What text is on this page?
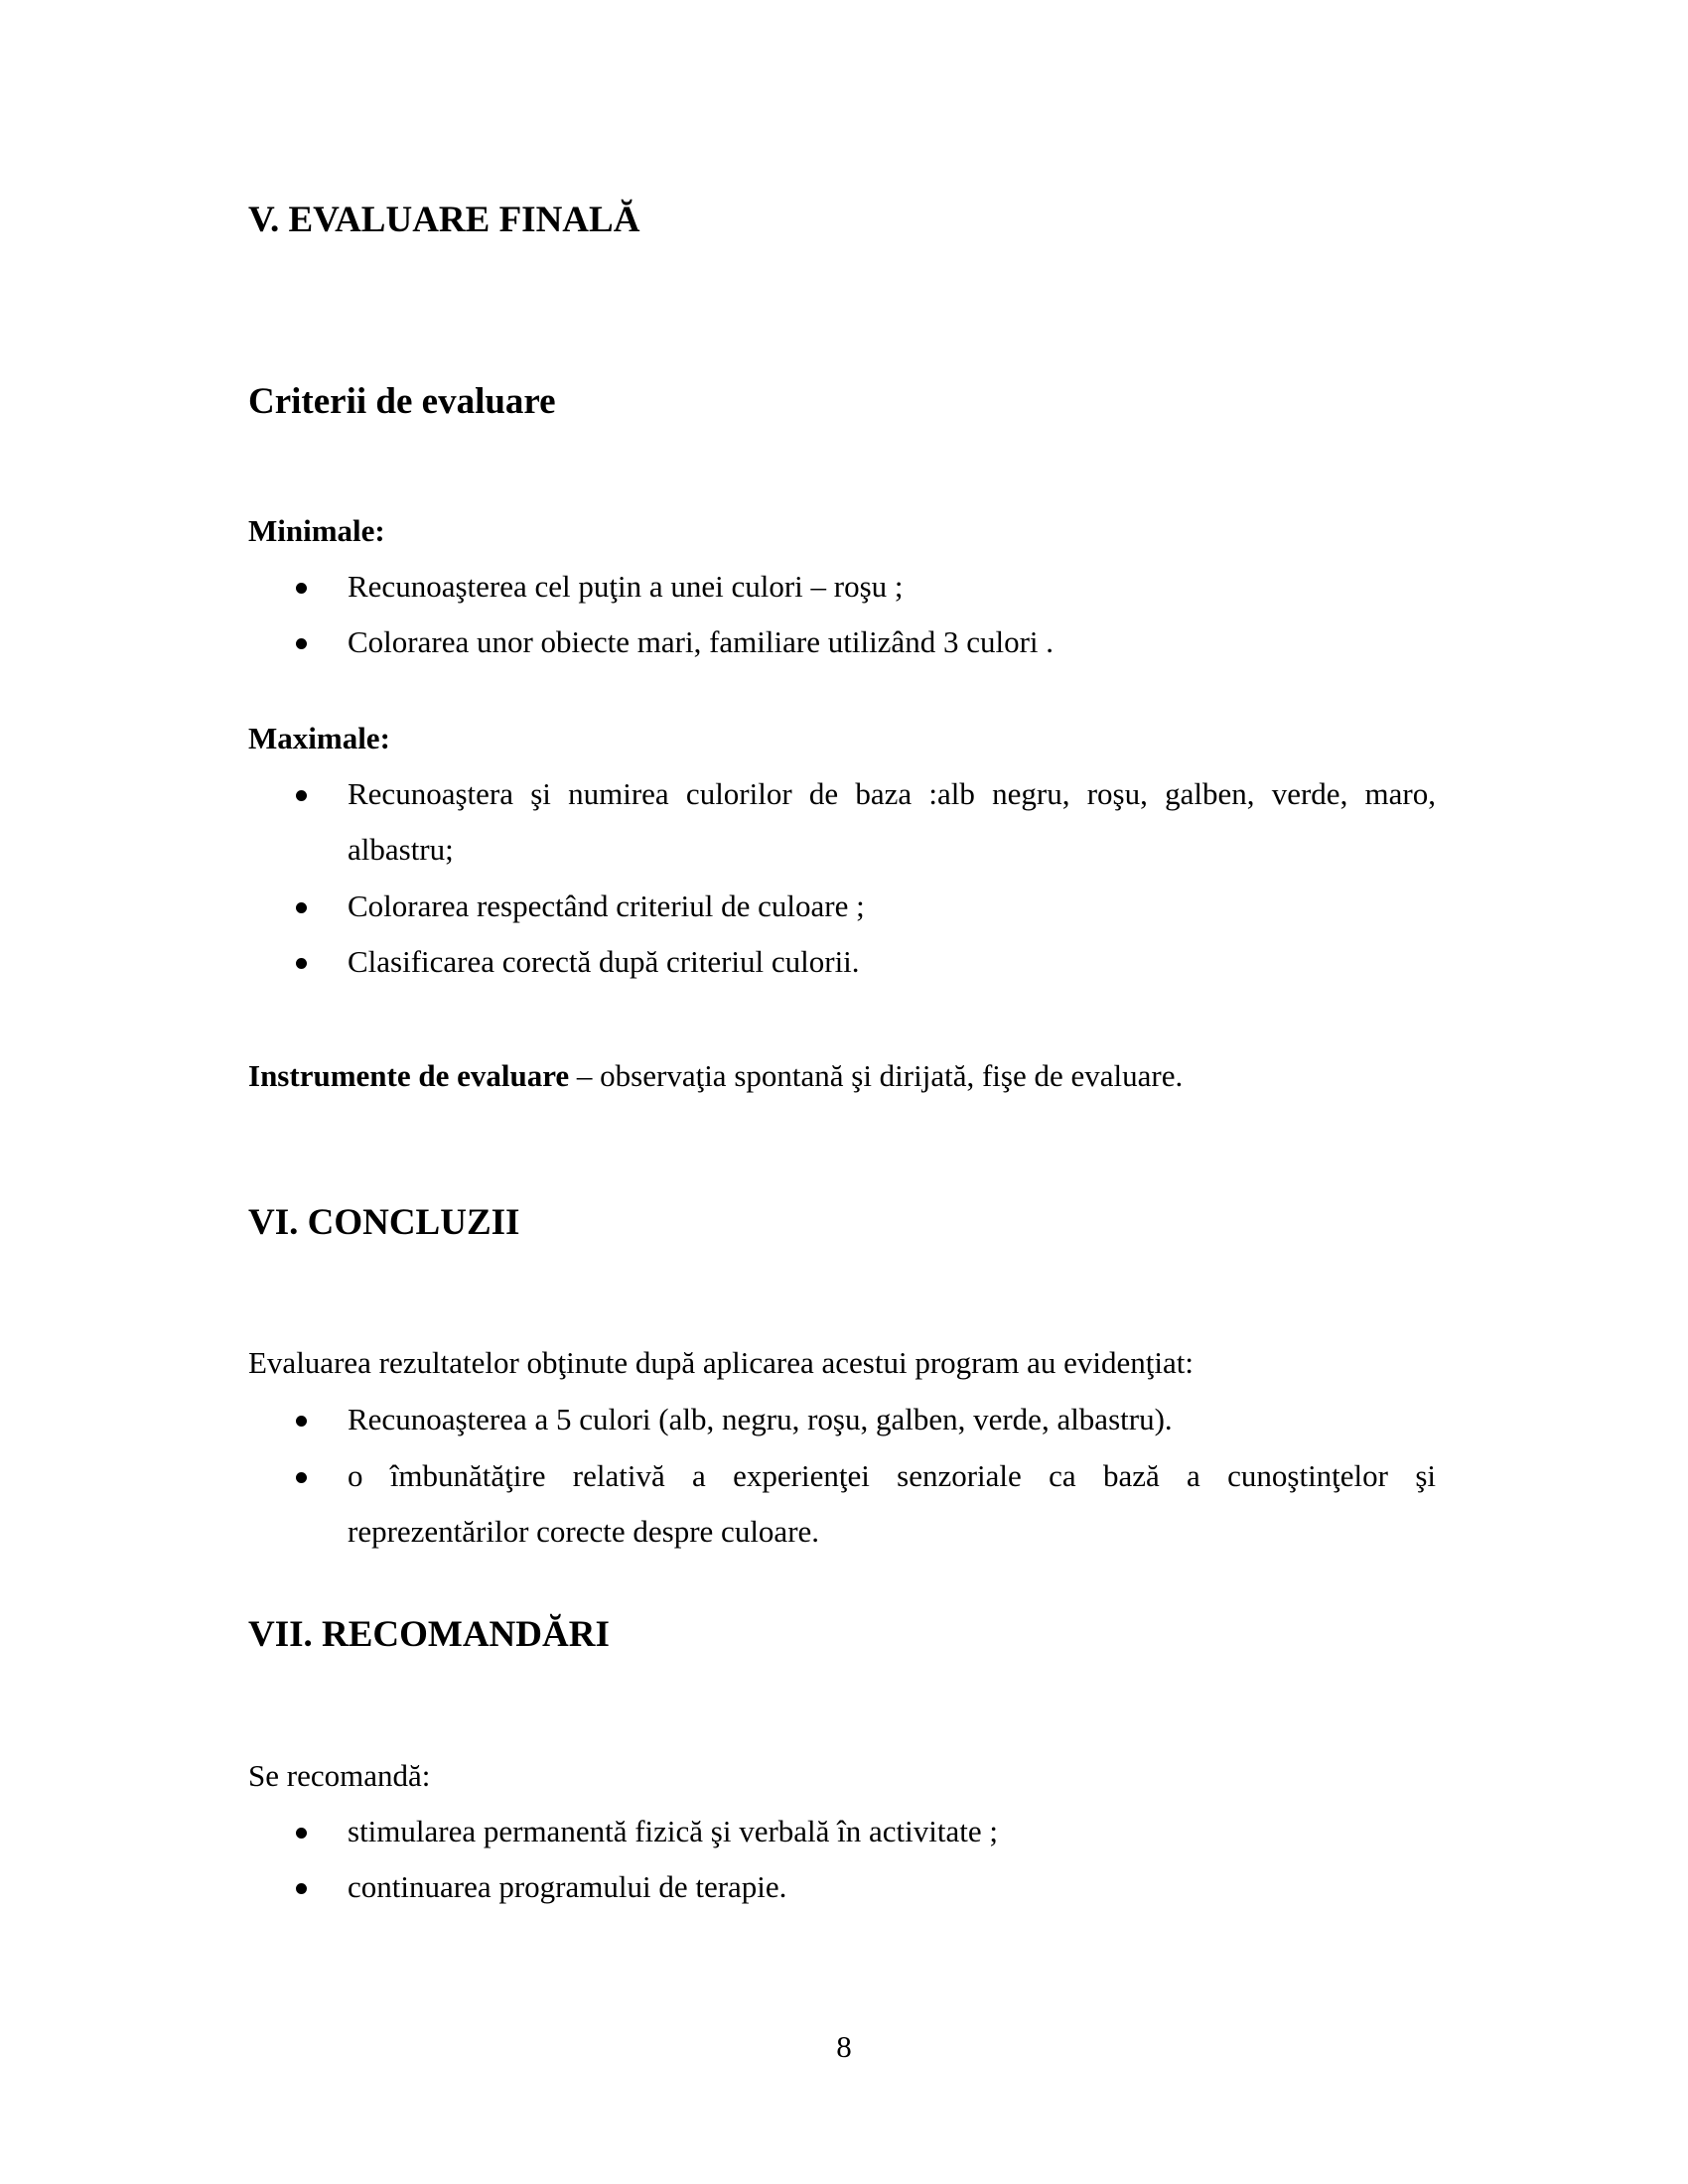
V. EVALUARE FINALĂ
Criterii de evaluare
Minimale:
Recunoaşterea cel puţin a unei culori – roşu ;
Colorarea unor obiecte mari, familiare utilizând 3 culori .
Maximale:
Recunoaştera şi numirea culorilor de baza :alb negru, roşu, galben, verde, maro,
albastru;
Colorarea respectând criteriul de culoare ;
Clasificarea corectă după criteriul culorii.
Instrumente de evaluare – observaţia spontană şi dirijată, fişe de evaluare.
VI. CONCLUZII
Evaluarea rezultatelor obţinute după aplicarea acestui program au evidenţiat:
Recunoaşterea a 5 culori (alb, negru, roşu, galben, verde, albastru).
o îmbunătăţire relativă a experienţei senzoriale ca bază a cunoştinţelor şi
reprezentărilor corecte despre culoare.
VII. RECOMANDĂRI
Se recomandă:
stimularea permanentă fizică şi verbală în activitate ;
continuarea programului de terapie.
8
